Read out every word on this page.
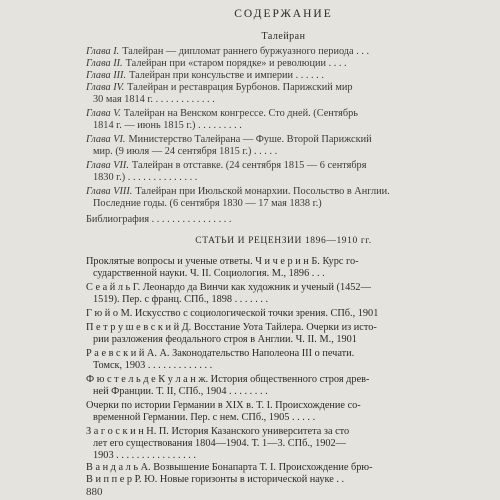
СОДЕРЖАНИЕ
Талейран
Глава I. Талейран — дипломат раннего буржуазного периода . . .
Глава II. Талейран при «старом порядке» и революции . . . .
Глава III. Талейран при консульстве и империи . . . . . .
Глава IV. Талейран и реставрация Бурбонов. Парижский мир
30 мая 1814 г. . . . . . . . . . . . .
Глава V. Талейран на Венском конгрессе. Сто дней. (Сентябрь
1814 г. — июнь 1815 г.) . . . . . . . . .
Глава VI. Министерство Талейрана — Фуше. Второй Парижский
мир. (9 июля — 24 сентября 1815 г.) . . . . .
Глава VII. Талейран в отставке. (24 сентября 1815 — 6 сентября
1830 г.) . . . . . . . . . . . . . .
Глава VIII. Талейран при Июльской монархии. Посольство в Англии.
Последние годы. (6 сентября 1830 — 17 мая 1838 г.)
Библиография . . . . . . . . . . . . . . . .
СТАТЬИ И РЕЦЕНЗИИ 1896—1910 гг.
Проклятые вопросы и ученые ответы. Ч и ч е р и н Б. Курс го-
сударственной науки. Ч. II. Социология. М., 1896 . . .
С е а й л ь Г. Леонардо да Винчи как художник и ученый (1452—
1519). Пер. с франц. СПб., 1898 . . . . . . .
Г ю й о М. Искусство с социологической точки зрения. СПб., 1901
П е т р у ш е в с к и й Д. Восстание Уота Тайлера. Очерки из исто-
рии разложения феодального строя в Англии. Ч. II. М., 1901
Р а е в с к и й А. А. Законодательство Наполеона III о печати.
Томск, 1903 . . . . . . . . . . . . .
Ф ю с т е л ь д е К у л а н ж. История общественного строя древ-
ней Франции. Т. II, СПб., 1904 . . . . . . . .
Очерки по истории Германии в XIX в. Т. I. Происхождение со-
временной Германии. Пер. с нем. СПб., 1905 . . . . .
З а г о с к и н Н. П. История Казанского университета за сто
лет его существования 1804—1904. Т. 1—3. СПб., 1902—
1903 . . . . . . . . . . . . . . . .
В а н д а л ь А. Возвышение Бонапарта Т. I. Происхождение брю-
В и п п е р Р. Ю. Новые горизонты в исторической науке . .
880
